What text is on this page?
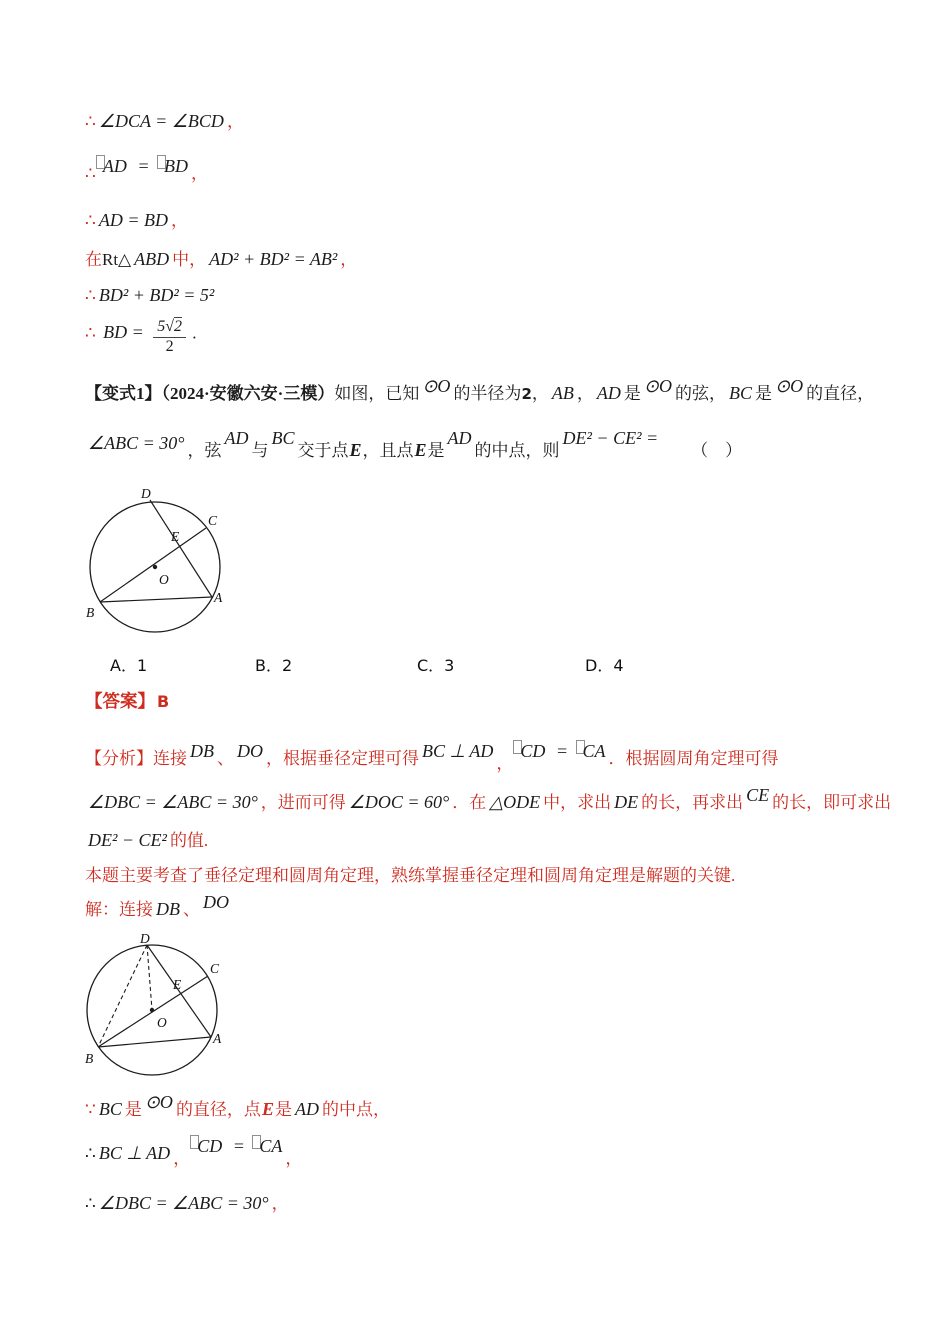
∴ ∠DCA = ∠BCD ，
∴ AD = BD ，
∴ AD = BD ，
在Rt△ ABD 中， AD² + BD² = AB² ，
∴ BD² + BD² = 5²
∴ BD = $\frac{5√2}{2}$ .
【变式1】（2024·安徽六安·三模）如图，已知 ⊙O 的半径为2， AB ， AD 是 ⊙O 的弦， BC 是 ⊙O 的直径，
∠ABC = 30° ，弦AD与BC交于点E，且点E是AD的中点，则DE² − CE² =（　）
D
C
E
O
B
A
A．1	B．2	C．3	D．4
【答案】 B
【分析】连接 DB 、 DO ，根据垂径定理可得 BC ⊥ AD，CD = CA ．根据圆周角定理可得
∠DBC = ∠ABC = 30° ，进而可得 ∠DOC = 60° ．在 △ODE 中，求出 DE 的长，再求出 CE 的长，即可求出
DE² − CE² 的值.
本题主要考查了垂径定理和圆周角定理，熟练掌握垂径定理和圆周角定理是解题的关键.
解：连接 DB 、 DO
D
C
E
O
B
A
∵ BC 是 ⊙O 的直径，点E是 AD 的中点，
∴ BC ⊥ AD ，CD = CA，
∴ ∠DBC = ∠ABC = 30° ，
